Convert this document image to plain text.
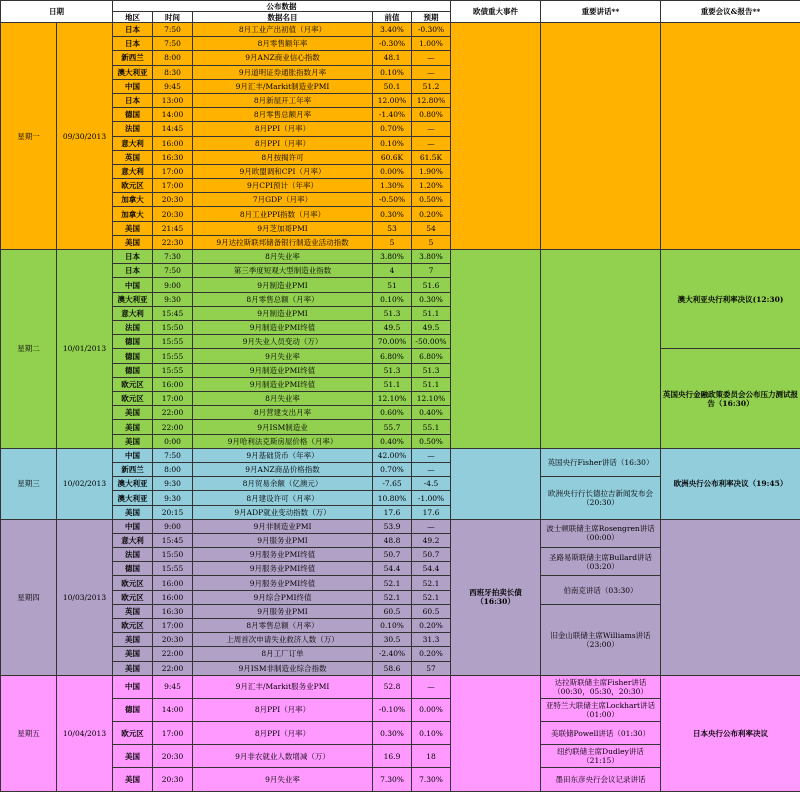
日期		公布数据					欧债重大事件	重要讲话**	重要会议&报告**
		地区	时间	数据名目	前值	预期			
星期一	09/30/2013	日本	7:50	8月工业产出初值（月率）	3.40%	-0.30%			
		日本	7:50	8月零售额年率	-0.30%	1.00%			
		新西兰	8:00	9月ANZ商业信心指数	48.1	—			
		澳大利亚	8:30	9月道明证券通胀指数月率	0.10%	—			
		中国	9:45	9月汇丰/Markit制造业PMI	50.1	51.2			
		日本	13:00	8月新屋开工年率	12.00%	12.80%			
		德国	14:00	8月零售总额月率	-1.40%	0.80%			
		法国	14:45	8月PPI（月率）	0.70%	—			
		意大利	16:00	8月PPI（月率）	0.10%	—			
		英国	16:30	8月按揭许可	60.6K	61.5K			
		意大利	17:00	9月欧盟调和CPI（月率）	0.00%	1.90%			
		欧元区	17:00	9月CPI预计（年率）	1.30%	1.20%			
		加拿大	20:30	7月GDP（月率）	-0.50%	0.50%			
		加拿大	20:30	8月工业PPI指数（月率）	0.30%	0.20%			
		美国	21:45	9月芝加哥PMI	53	54			
		美国	22:30	9月达拉斯联邦储备银行制造业活动指数	5	5			
星期二	10/01/2013	日本	7:30	8月失业率	3.80%	3.80%			澳大利亚央行利率决议(12:30)
		日本	7:50	第三季度短观大型制造业指数	4	7			
		中国	9:00	9月制造业PMI	51	51.6			
		澳大利亚	9:30	8月零售总额（月率）	0.10%	0.30%			
		意大利	15:45	9月制造业PMI	51.3	51.1			
		法国	15:50	9月制造业PMI终值	49.5	49.5			
		德国	15:55	9月失业人员变动（万）	70.00%	-50.00%			
		德国	15:55	9月失业率	6.80%	6.80%			英国央行金融政策委员会公布压力测试报告（16:30）
		德国	15:55	9月制造业PMI终值	51.3	51.3			
		欧元区	16:00	9月制造业PMI终值	51.1	51.1			
		欧元区	17:00	8月失业率	12.10%	12.10%			
		美国	22:00	8月营建支出月率	0.60%	0.40%			
		美国	22:00	9月ISM制造业	55.7	55.1			
		美国	0:00	9月哈利法克斯房屋价格（月率）	0.40%	0.50%			
星期三	10/02/2013	中国	7:50	9月基础货币（年率）	42.00%	—		英国央行Fisher讲话（16:30）	欧洲央行公布利率决议（19:45）
		新西兰	8:00	9月ANZ商品价格指数	0.70%	—			
		澳大利亚	9:30	8月贸易余额（亿澳元）	-7.65	-4.5		欧洲央行行长德拉吉新闻发布会（20:30）	
		澳大利亚	9:30	8月建设许可（月率）	10.80%	-1.00%			
		美国	20:15	9月ADP就业变动指数（万）	17.6	17.6			
星期四	10/03/2013	中国	9:00	9月非制造业PMI	53.9	—	西班牙拍卖长债（16:30）	波士顿联储主席Rosengren讲话（00:00）	
		意大利	15:45	9月服务业PMI	48.8	49.2			
		法国	15:50	9月服务业PMI终值	50.7	50.7		圣路易斯联储主席Bullard讲话（03:20）	
		德国	15:55	9月服务业PMI终值	54.4	54.4			
		欧元区	16:00	9月服务业PMI终值	52.1	52.1		伯南克讲话（03:30）	
		欧元区	16:00	9月综合PMI终值	52.1	52.1			
		英国	16:30	9月服务业PMI	60.5	60.5		旧金山联储主席Williams讲话（23:00）	
		欧元区	17:00	8月零售总额（月率）	0.10%	0.20%			
		美国	20:30	上周首次申请失业救济人数（万）	30.5	31.3			
		美国	22:00	8月工厂订单	-2.40%	0.20%			
		美国	22:00	9月ISM非制造业综合指数	58.6	57			
星期五	10/04/2013	中国	9:45	9月汇丰/Markit服务业PMI	52.8	—		达拉斯联储主席Fisher讲话（00:30，05:30，20:30）	日本央行公布利率决议
		德国	14:00	8月PPI（月率）	-0.10%	0.00%		亚特兰大联储主席Lockhart讲话（01:00）	
		欧元区	17:00	8月PPI（月率）	0.30%	0.10%		美联储Powell讲话（01:30）	
		美国	20:30	9月非农就业人数增减（万）	16.9	18		纽约联储主席Dudley讲话（21:15）	
		美国	20:30	9月失业率	7.30%	7.30%		墨田东彦央行会议记录讲话	
